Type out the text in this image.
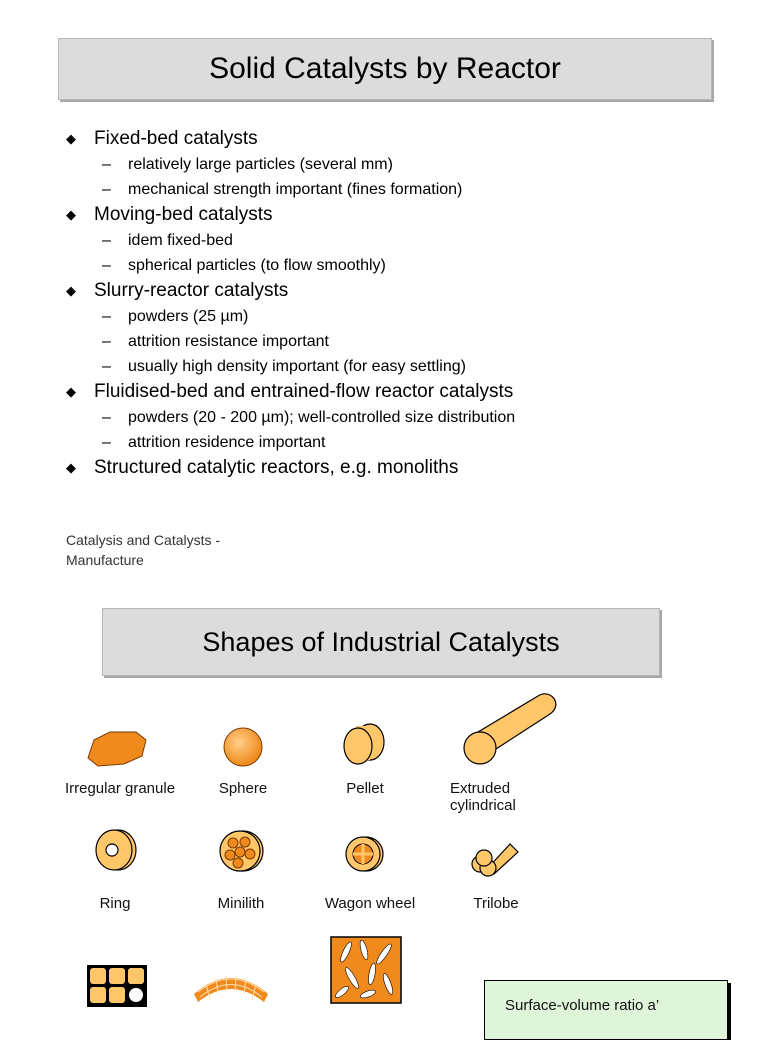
Solid Catalysts by Reactor
◆ Fixed-bed catalysts
– relatively large particles (several mm)
– mechanical strength important (fines formation)
◆ Moving-bed catalysts
– idem fixed-bed
– spherical particles (to flow smoothly)
◆ Slurry-reactor catalysts
– powders (25 µm)
– attrition resistance important
– usually high density important (for easy settling)
◆ Fluidised-bed and entrained-flow reactor catalysts
– powders (20 - 200 µm); well-controlled size distribution
– attrition residence important
◆ Structured catalytic reactors, e.g. monoliths
Catalysis and Catalysts - Manufacture
Shapes of Industrial Catalysts
Irregular granule	Sphere	Pellet	Extruded cylindrical
Ring	Minilith	Wagon wheel	Trilobe
Surface-volume ratio a’
